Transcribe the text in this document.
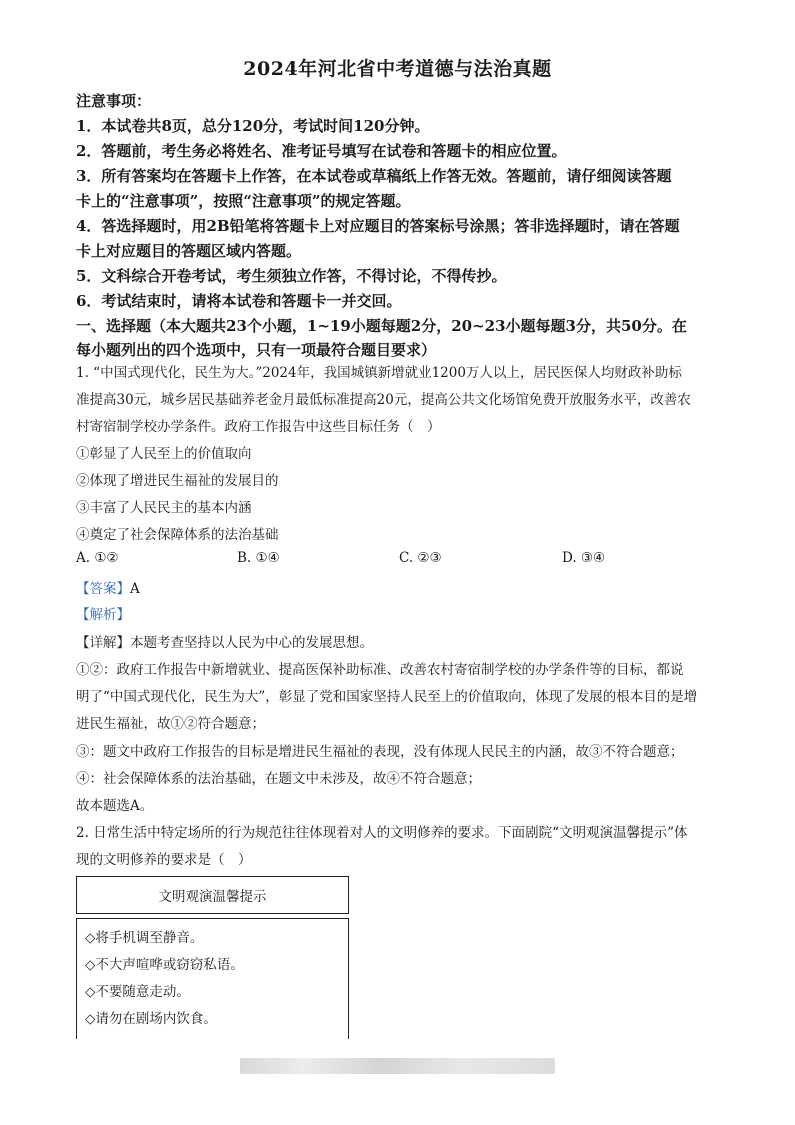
2024年河北省中考道德与法治真题
注意事项：
1．本试卷共8页，总分120分，考试时间120分钟。
2．答题前，考生务必将姓名、准考证号填写在试卷和答题卡的相应位置。
3．所有答案均在答题卡上作答，在本试卷或草稿纸上作答无效。答题前，请仔细阅读答题
卡上的“注意事项”，按照“注意事项”的规定答题。
4．答选择题时，用2B铅笔将答题卡上对应题目的答案标号涂黑；答非选择题时，请在答题
卡上对应题目的答题区域内答题。
5．文科综合开卷考试，考生须独立作答，不得讨论，不得传抄。
6．考试结束时，请将本试卷和答题卡一并交回。
一、选择题（本大题共23个小题，1~19小题每题2分，20~23小题每题3分，共50分。在
每小题列出的四个选项中，只有一项最符合题目要求）
1. “中国式现代化，民生为大。”2024年，我国城镇新增就业1200万人以上，居民医保人均财政补助标
准提高30元，城乡居民基础养老金月最低标准提高20元，提高公共文化场馆免费开放服务水平，改善农
村寄宿制学校办学条件。政府工作报告中这些目标任务（　）
①彰显了人民至上的价值取向
②体现了增进民生福祉的发展目的
③丰富了人民民主的基本内涵
④奠定了社会保障体系的法治基础
A. ①②	B. ①④	C. ②③	D. ③④
【答案】A
【解析】
【详解】本题考查坚持以人民为中心的发展思想。
①②：政府工作报告中新增就业、提高医保补助标准、改善农村寄宿制学校的办学条件等的目标，都说
明了“中国式现代化，民生为大”，彰显了党和国家坚持人民至上的价值取向，体现了发展的根本目的是增
进民生福祉，故①②符合题意；
③：题文中政府工作报告的目标是增进民生福祉的表现，没有体现人民民主的内涵，故③不符合题意；
④：社会保障体系的法治基础，在题文中未涉及，故④不符合题意；
故本题选A。
2. 日常生活中特定场所的行为规范往往体现着对人的文明修养的要求。下面剧院“文明观演温馨提示”体
现的文明修养的要求是（　）
文明观演温馨提示
◇将手机调至静音。
◇不大声喧哗或窃窃私语。
◇不要随意走动。
◇请勿在剧场内饮食。
